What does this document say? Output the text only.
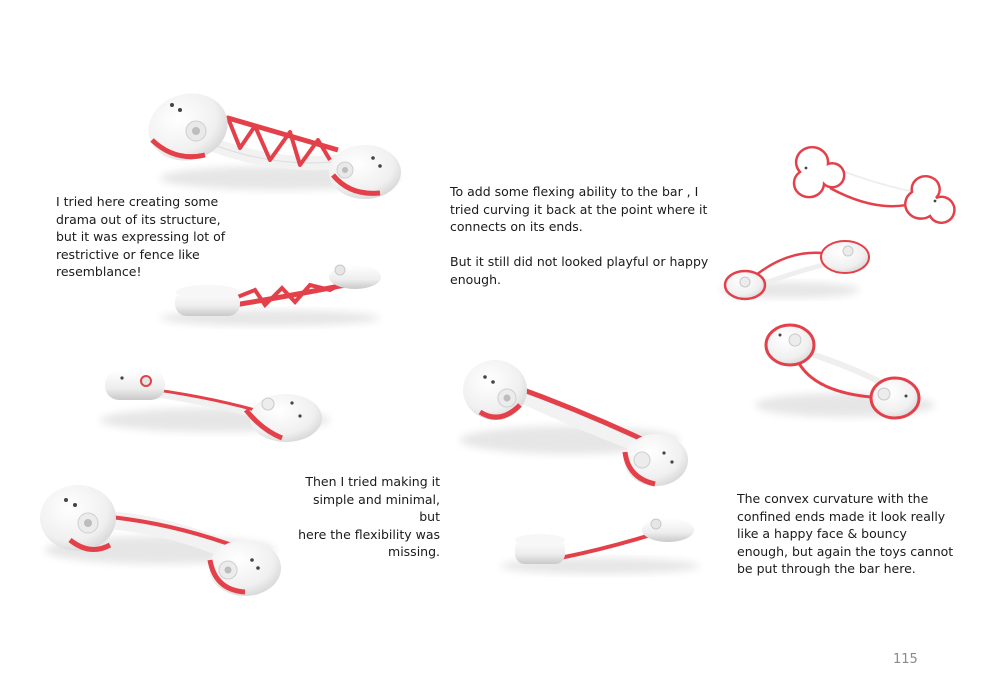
I tried here creating some
drama out of its structure,
but it was expressing lot of
restrictive or fence like
resemblance!

To add some flexing ability to the bar , I
tried curving it back at the point where it
connects on its ends.

But it still did not looked playful or happy
enough.

Then I tried making it
simple and minimal, but
here the flexibility was
missing.

The convex curvature with the
confined ends made it look really
like a happy face & bouncy
enough, but again the toys cannot
be put through the bar here.

115
